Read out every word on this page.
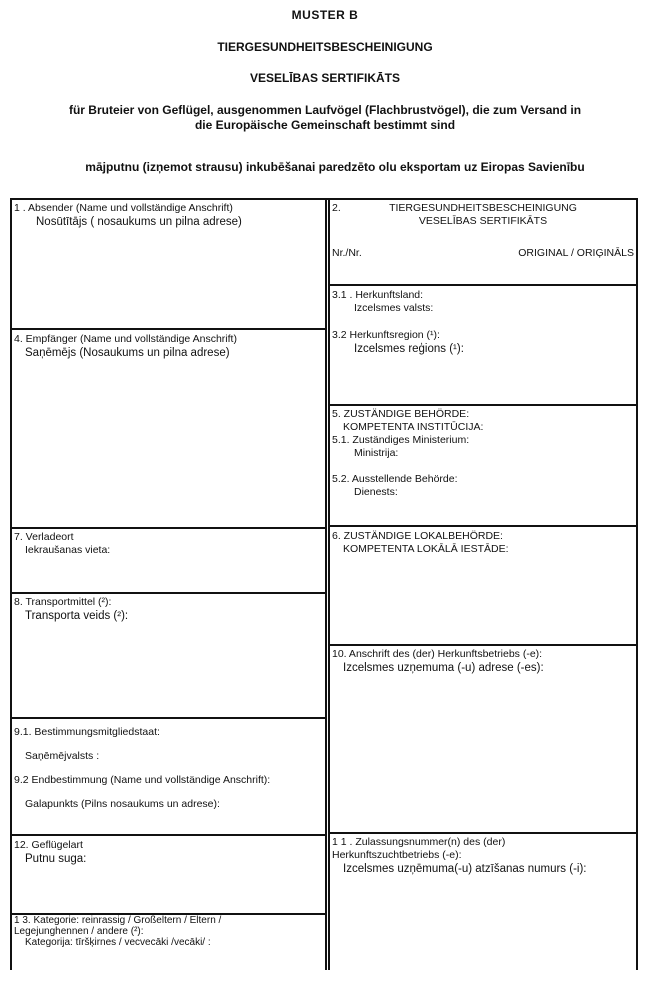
MUSTER B
TIERGESUNDHEITSBESCHEINIGUNG
VESELĪBAS SERTIFIKĀTS
für Bruteier von Geflügel, ausgenommen Laufvögel (Flachbrustvögel), die zum Versand in
die Europäische Gemeinschaft bestimmt sind
mājputnu (izņemot strausu) inkubēšanai paredzēto olu eksportam uz Eiropas Savienību
1 . Absender (Name und vollständige Anschrift)
Nosūtītājs ( nosaukums un pilna adrese)
2.	TIERGESUNDHEITSBESCHEINIGUNG
VESELĪBAS SERTIFIKĀTS
Nr./Nr.	ORIGINAL / ORIĢINĀLS
3.1 . Herkunftsland:
Izcelsmes valsts:
3.2 Herkunftsregion (¹):
Izcelsmes reģions (¹):
4. Empfänger (Name und vollständige Anschrift)
Saņēmējs (Nosaukums un pilna adrese)
5. ZUSTÄNDIGE BEHÖRDE:
KOMPETENTA INSTITŪCIJA:
5.1. Zuständiges Ministerium:
Ministrija:
5.2. Ausstellende Behörde:
Dienests:
7. Verladeort
Iekraušanas vieta:
6. ZUSTÄNDIGE LOKALBEHÖRDE:
KOMPETENTA LOKĀLĀ IESTĀDE:
8. Transportmittel (²):
Transporta veids (²):
10. Anschrift des (der) Herkunftsbetriebs (-e):
Izcelsmes uzņemuma (-u) adrese (-es):
9.1. Bestimmungsmitgliedstaat:
Saņēmējvalsts :
9.2 Endbestimmung (Name und vollständige Anschrift):
Galapunkts (Pilns nosaukums un adrese):
12. Geflügelart
Putnu suga:
1 1 . Zulassungsnummer(n) des (der)
Herkunftszuchtbetriebs (-e):
Izcelsmes uzņēmuma(-u) atzīšanas numurs (-i):
1 3. Kategorie: reinrassig / Großeltern / Eltern /
Legejunghennen / andere (²):
Kategorija: tīršķirnes / vecvecāki /vecāki/ :
